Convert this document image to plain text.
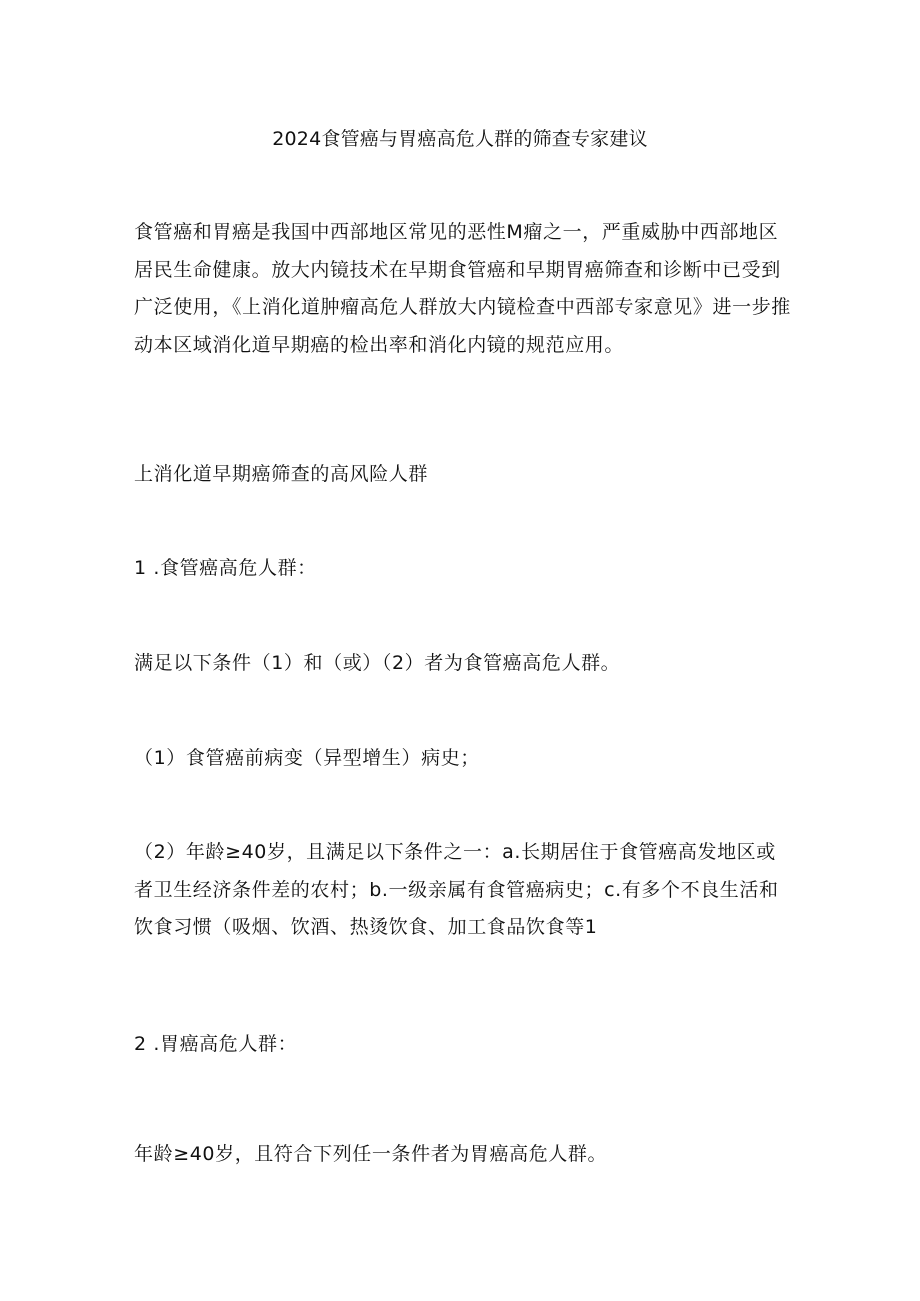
2024食管癌与胃癌高危人群的筛查专家建议

食管癌和胃癌是我国中西部地区常见的恶性M瘤之一，严重威胁中西部地区居民生命健康。放大内镜技术在早期食管癌和早期胃癌筛查和诊断中已受到广泛使用，《上消化道肿瘤高危人群放大内镜检查中西部专家意见》进一步推动本区域消化道早期癌的检出率和消化内镜的规范应用。

上消化道早期癌筛查的高风险人群

1 .食管癌高危人群：

满足以下条件（1）和（或）（2）者为食管癌高危人群。

（1）食管癌前病变（异型增生）病史；

（2）年龄≥40岁，且满足以下条件之一：a.长期居住于食管癌高发地区或者卫生经济条件差的农村；b.一级亲属有食管癌病史；c.有多个不良生活和饮食习惯（吸烟、饮酒、热烫饮食、加工食品饮食等1

2 .胃癌高危人群：

年龄≥40岁，且符合下列任一条件者为胃癌高危人群。
